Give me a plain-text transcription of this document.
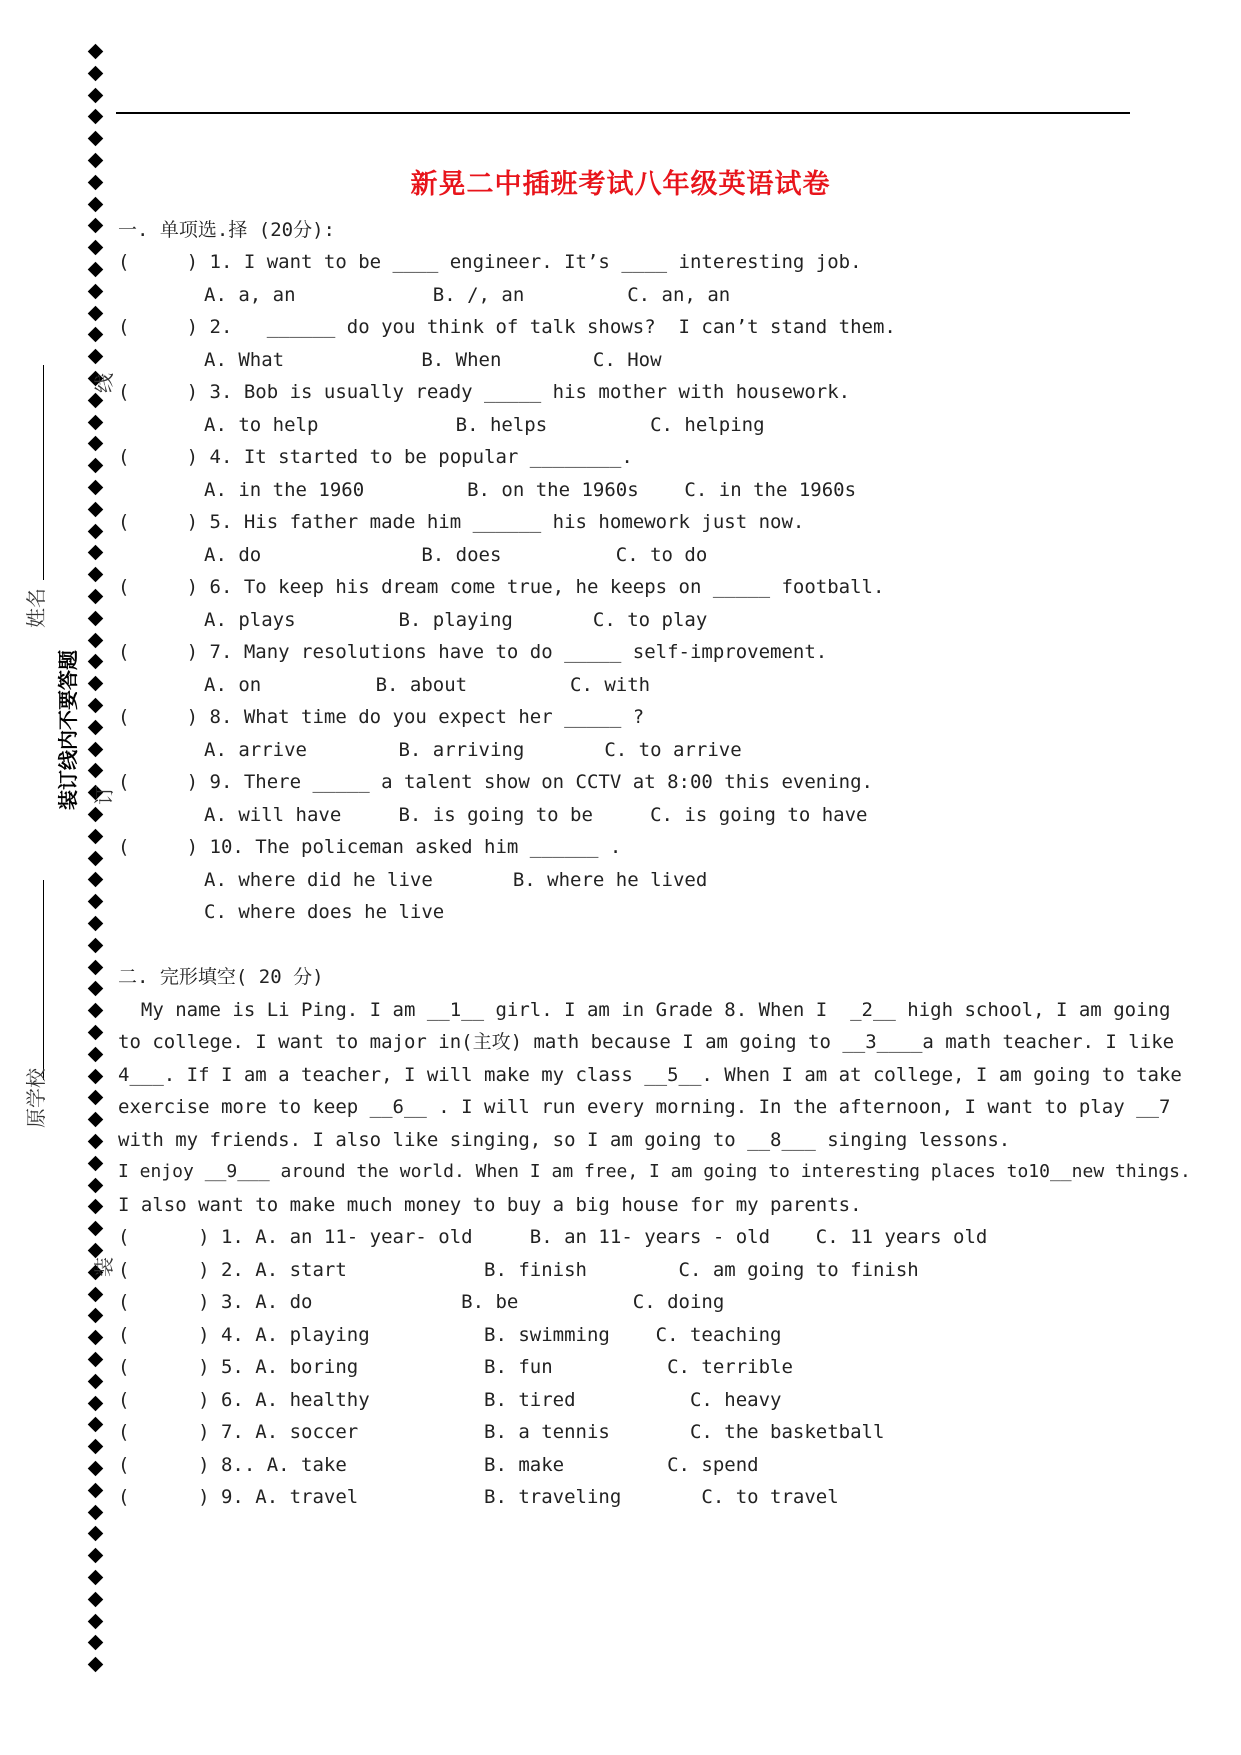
姓名
装订线内不要答题
原学校
线
订
装
新晃二中插班考试八年级英语试卷
一. 单项选.择 (20分):
(     ) 1. I want to be ____ engineer. It’s ____ interesting job.
A. a, an            B. /, an         C. an, an
(     ) 2.   ______ do you think of talk shows?  I can’t stand them.
A. What            B. When        C. How
(     ) 3. Bob is usually ready _____ his mother with housework.
A. to help            B. helps         C. helping
(     ) 4. It started to be popular ________.
A. in the 1960         B. on the 1960s    C. in the 1960s
(     ) 5. His father made him ______ his homework just now.
A. do              B. does          C. to do
(     ) 6. To keep his dream come true, he keeps on _____ football.
A. plays         B. playing       C. to play
(     ) 7. Many resolutions have to do _____ self-improvement.
A. on          B. about         C. with
(     ) 8. What time do you expect her _____ ?
A. arrive        B. arriving       C. to arrive
(     ) 9. There _____ a talent show on CCTV at 8:00 this evening.
A. will have     B. is going to be     C. is going to have
(     ) 10. The policeman asked him ______ .
A. where did he live       B. where he lived
C. where does he live
二. 完形填空( 20 分)
My name is Li Ping. I am __1__ girl. I am in Grade 8. When I  _2__ high school, I am going
to college. I want to major in(主攻) math because I am going to __3____a math teacher. I like
4___. If I am a teacher, I will make my class __5__. When I am at college, I am going to take
exercise more to keep __6__ . I will run every morning. In the afternoon, I want to play __7
with my friends. I also like singing, so I am going to __8___ singing lessons.
I enjoy __9___ around the world. When I am free, I am going to interesting places to10__new things.
I also want to make much money to buy a big house for my parents.
(      ) 1. A. an 11- year- old     B. an 11- years - old    C. 11 years old
(      ) 2. A. start            B. finish        C. am going to finish
(      ) 3. A. do             B. be          C. doing
(      ) 4. A. playing          B. swimming    C. teaching
(      ) 5. A. boring           B. fun          C. terrible
(      ) 6. A. healthy          B. tired          C. heavy
(      ) 7. A. soccer           B. a tennis       C. the basketball
(      ) 8.. A. take            B. make         C. spend
(      ) 9. A. travel           B. traveling       C. to travel
